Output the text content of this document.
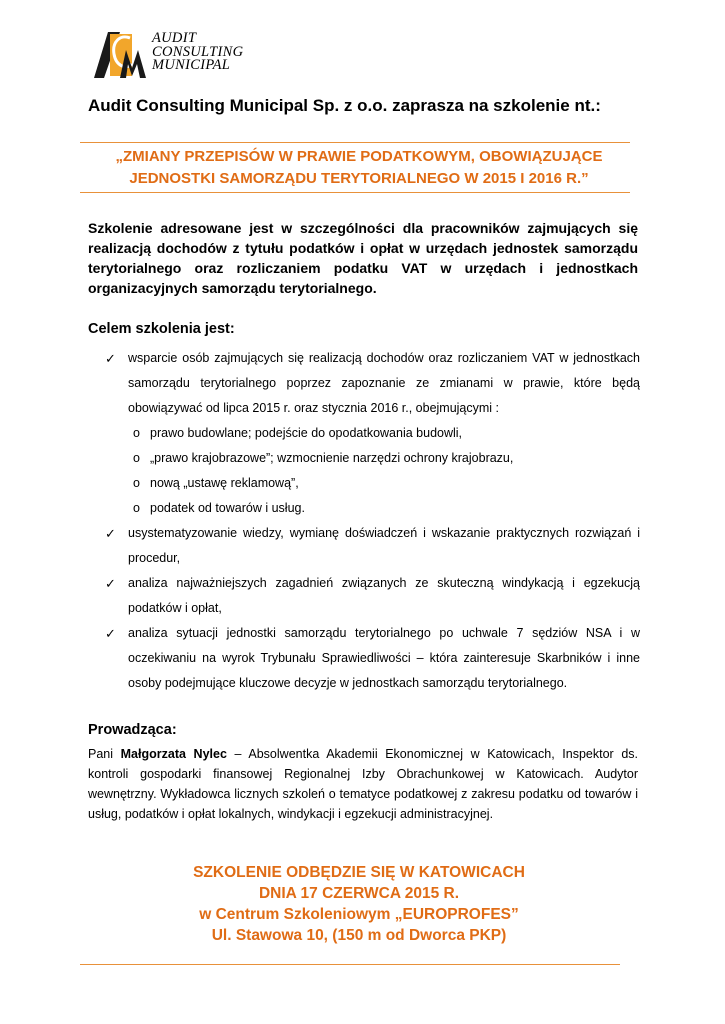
AUDIT
CONSULTING
MUNICIPAL
Audit Consulting Municipal Sp. z o.o. zaprasza na szkolenie nt.:
„ZMIANY PRZEPISÓW W PRAWIE PODATKOWYM, OBOWIĄZUJĄCE
JEDNOSTKI SAMORZĄDU TERYTORIALNEGO W 2015 I 2016 R.”
Szkolenie adresowane jest w szczególności dla pracowników zajmujących się realizacją dochodów z tytułu podatków i opłat w urzędach jednostek samorządu terytorialnego oraz rozliczaniem podatku VAT w urzędach i jednostkach organizacyjnych samorządu terytorialnego.
Celem szkolenia jest:
✓ wsparcie osób zajmujących się realizacją dochodów oraz rozliczaniem VAT w jednostkach samorządu terytorialnego poprzez zapoznanie ze zmianami w prawie, które będą obowiązywać od lipca 2015 r. oraz stycznia 2016 r., obejmującymi :
o prawo budowlane; podejście do opodatkowania budowli,
o „prawo krajobrazowe”; wzmocnienie narzędzi ochrony krajobrazu,
o nową „ustawę reklamową”,
o podatek od towarów i usług.
✓ usystematyzowanie wiedzy, wymianę doświadczeń i wskazanie praktycznych rozwiązań i procedur,
✓ analiza najważniejszych zagadnień związanych ze skuteczną windykacją i egzekucją podatków i opłat,
✓ analiza sytuacji jednostki samorządu terytorialnego po uchwale 7 sędziów NSA i w oczekiwaniu na wyrok Trybunału Sprawiedliwości – która zainteresuje Skarbników i inne osoby podejmujące kluczowe decyzje w jednostkach samorządu terytorialnego.
Prowadząca:
Pani Małgorzata Nylec – Absolwentka Akademii Ekonomicznej w Katowicach, Inspektor ds. kontroli gospodarki finansowej Regionalnej Izby Obrachunkowej w Katowicach. Audytor wewnętrzny. Wykładowca licznych szkoleń o tematyce podatkowej z zakresu podatku od towarów i usług, podatków i opłat lokalnych, windykacji i egzekucji administracyjnej.
SZKOLENIE ODBĘDZIE SIĘ W KATOWICACH
DNIA 17 CZERWCA 2015 R.
w Centrum Szkoleniowym „EUROPROFES”
Ul. Stawowa 10, (150 m od Dworca PKP)
